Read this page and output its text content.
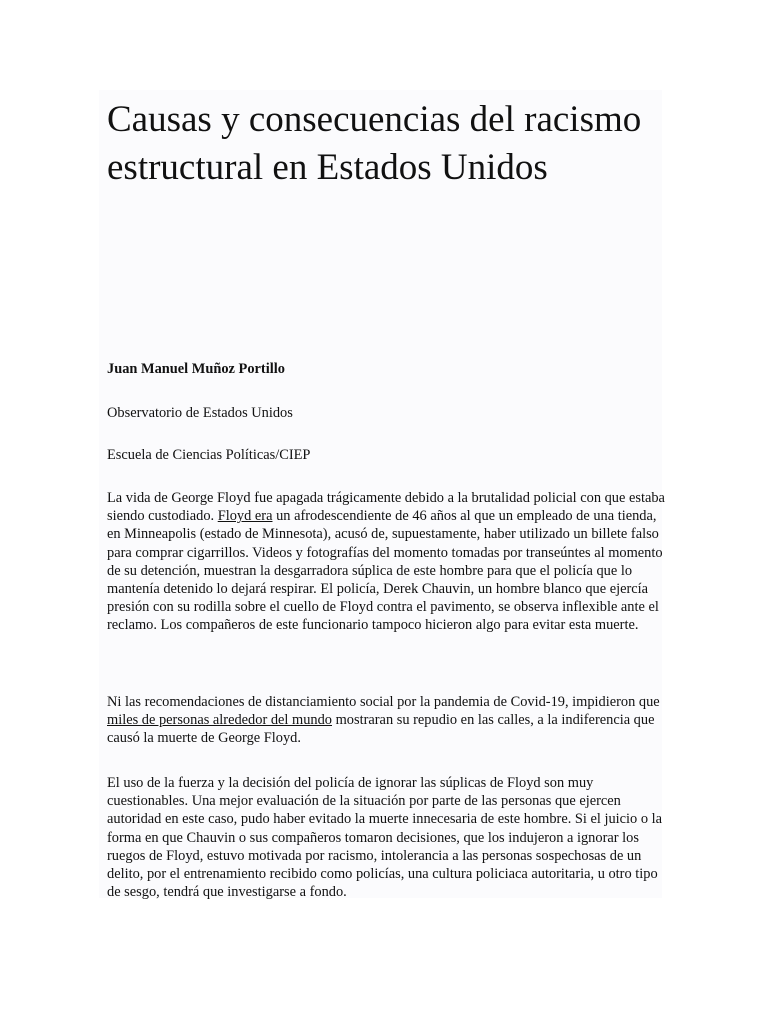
Causas y consecuencias del racismo estructural en Estados Unidos
Juan Manuel Muñoz Portillo
Observatorio de Estados Unidos
Escuela de Ciencias Políticas/CIEP

La vida de George Floyd fue apagada trágicamente debido a la brutalidad policial con que estaba siendo custodiado. Floyd era un afrodescendiente de 46 años al que un empleado de una tienda, en Minneapolis (estado de Minnesota), acusó de, supuestamente, haber utilizado un billete falso para comprar cigarrillos. Videos y fotografías del momento tomadas por transeúntes al momento de su detención, muestran la desgarradora súplica de este hombre para que el policía que lo mantenía detenido lo dejará respirar. El policía, Derek Chauvin, un hombre blanco que ejercía presión con su rodilla sobre el cuello de Floyd contra el pavimento, se observa inflexible ante el reclamo. Los compañeros de este funcionario tampoco hicieron algo para evitar esta muerte.

Ni las recomendaciones de distanciamiento social por la pandemia de Covid-19, impidieron que miles de personas alrededor del mundo mostraran su repudio en las calles, a la indiferencia que causó la muerte de George Floyd.

El uso de la fuerza y la decisión del policía de ignorar las súplicas de Floyd son muy cuestionables. Una mejor evaluación de la situación por parte de las personas que ejercen autoridad en este caso, pudo haber evitado la muerte innecesaria de este hombre. Si el juicio o la forma en que Chauvin o sus compañeros tomaron decisiones, que los indujeron a ignorar los ruegos de Floyd, estuvo motivada por racismo, intolerancia a las personas sospechosas de un delito, por el entrenamiento recibido como policías, una cultura policiaca autoritaria, u otro tipo de sesgo, tendrá que investigarse a fondo.
